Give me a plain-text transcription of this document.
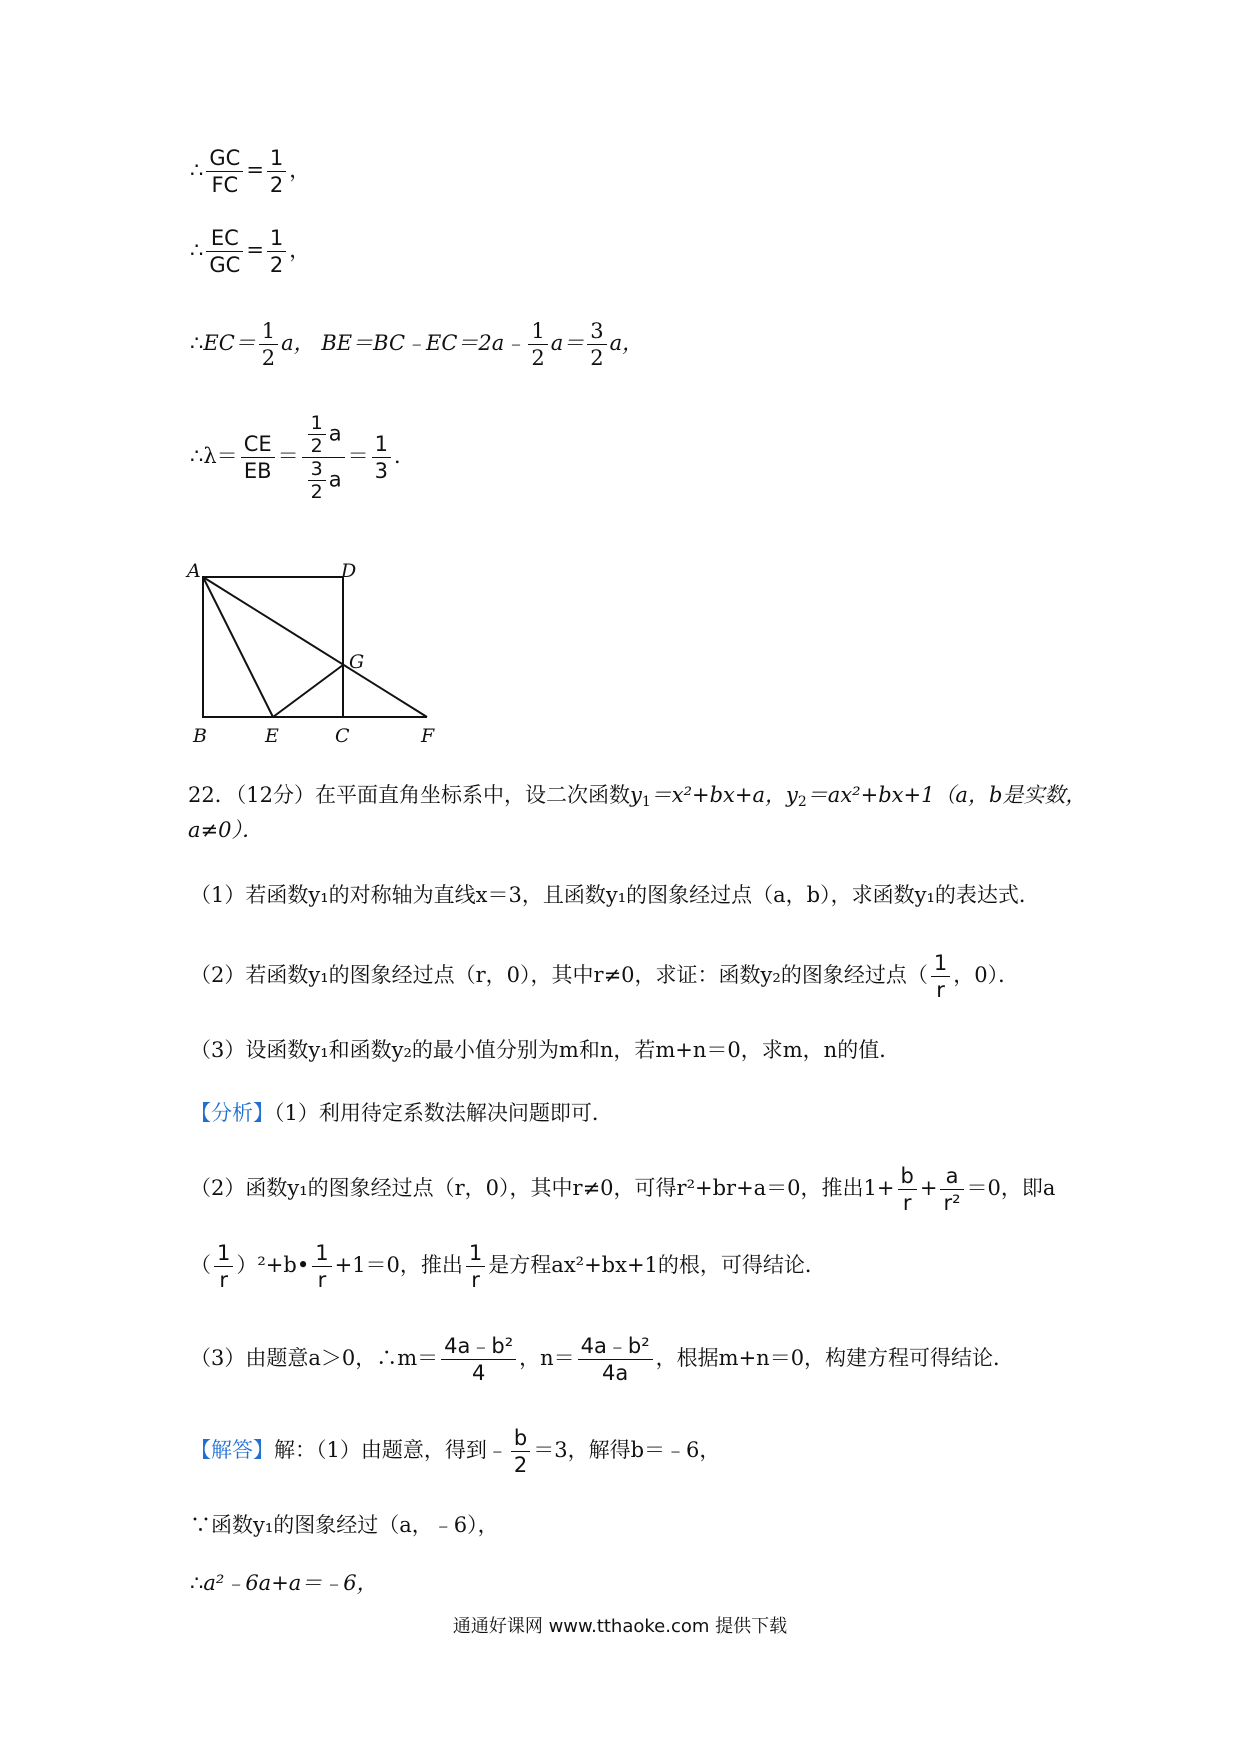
∴ $\frac{GC}{FC} = \frac{1}{2}$ ，
∴ $\frac{EC}{GC} = \frac{1}{2}$ ，
∴EC＝ $\frac{1}{2}$ a， BE＝BC﹣EC＝2a﹣ $\frac{1}{2} a= \frac{3}{2}$ a，
∴λ＝ $\frac{CE}{EB} = \frac{\frac{1}{2} a}{\frac{3}{2} a} = \frac{1}{3}$ ．
A	D
G
B	E	C	F
22．（12分）在平面直角坐标系中，设二次函数$y_1=x^2+bx+a$，$y_2=ax^2+bx+1(a$，b是实数，
a≠0）．
（1）若函数y₁的对称轴为直线x＝3，且函数y₁的图象经过点（a，b），求函数y₁的表达式．
（2）若函数y₁的图象经过点（r，0），其中r≠0，求证：函数y₂的图象经过点（ $\frac{1}{r}$ ，0）．
（3）设函数y₁和函数y₂的最小值分别为m和n，若m+n＝0，求m，n的值．
【分析】（1）利用待定系数法解决问题即可．
（2）函数y₁的图象经过点（r，0），其中r≠0，可得r²+br+a＝0，推出$1+ \frac{b}{r} + \frac{a}{\text{r²}} =0$，即a
（ $\frac{1}{r}$ ）²+b• $\frac{1}{r} +1=0$，推出 $\frac{1}{r}$ 是方程ax²+bx+1的根，可得结论．
（3）由题意a＞0，∴m＝ $\frac{\text{4a﹣b²}}{4}$ ，$n= \frac{\text{4a﹣b²}}{4a}$ ，根据m+n＝0，构建方程可得结论．
【解答】解：（1）由题意，得到﹣ $\frac{b}{2} =3$，解得b＝﹣6，
∵函数y₁的图象经过（a，﹣6），
∴a²﹣6a+a＝﹣6，
通通好课网 www.tthaoke.com 提供下载
